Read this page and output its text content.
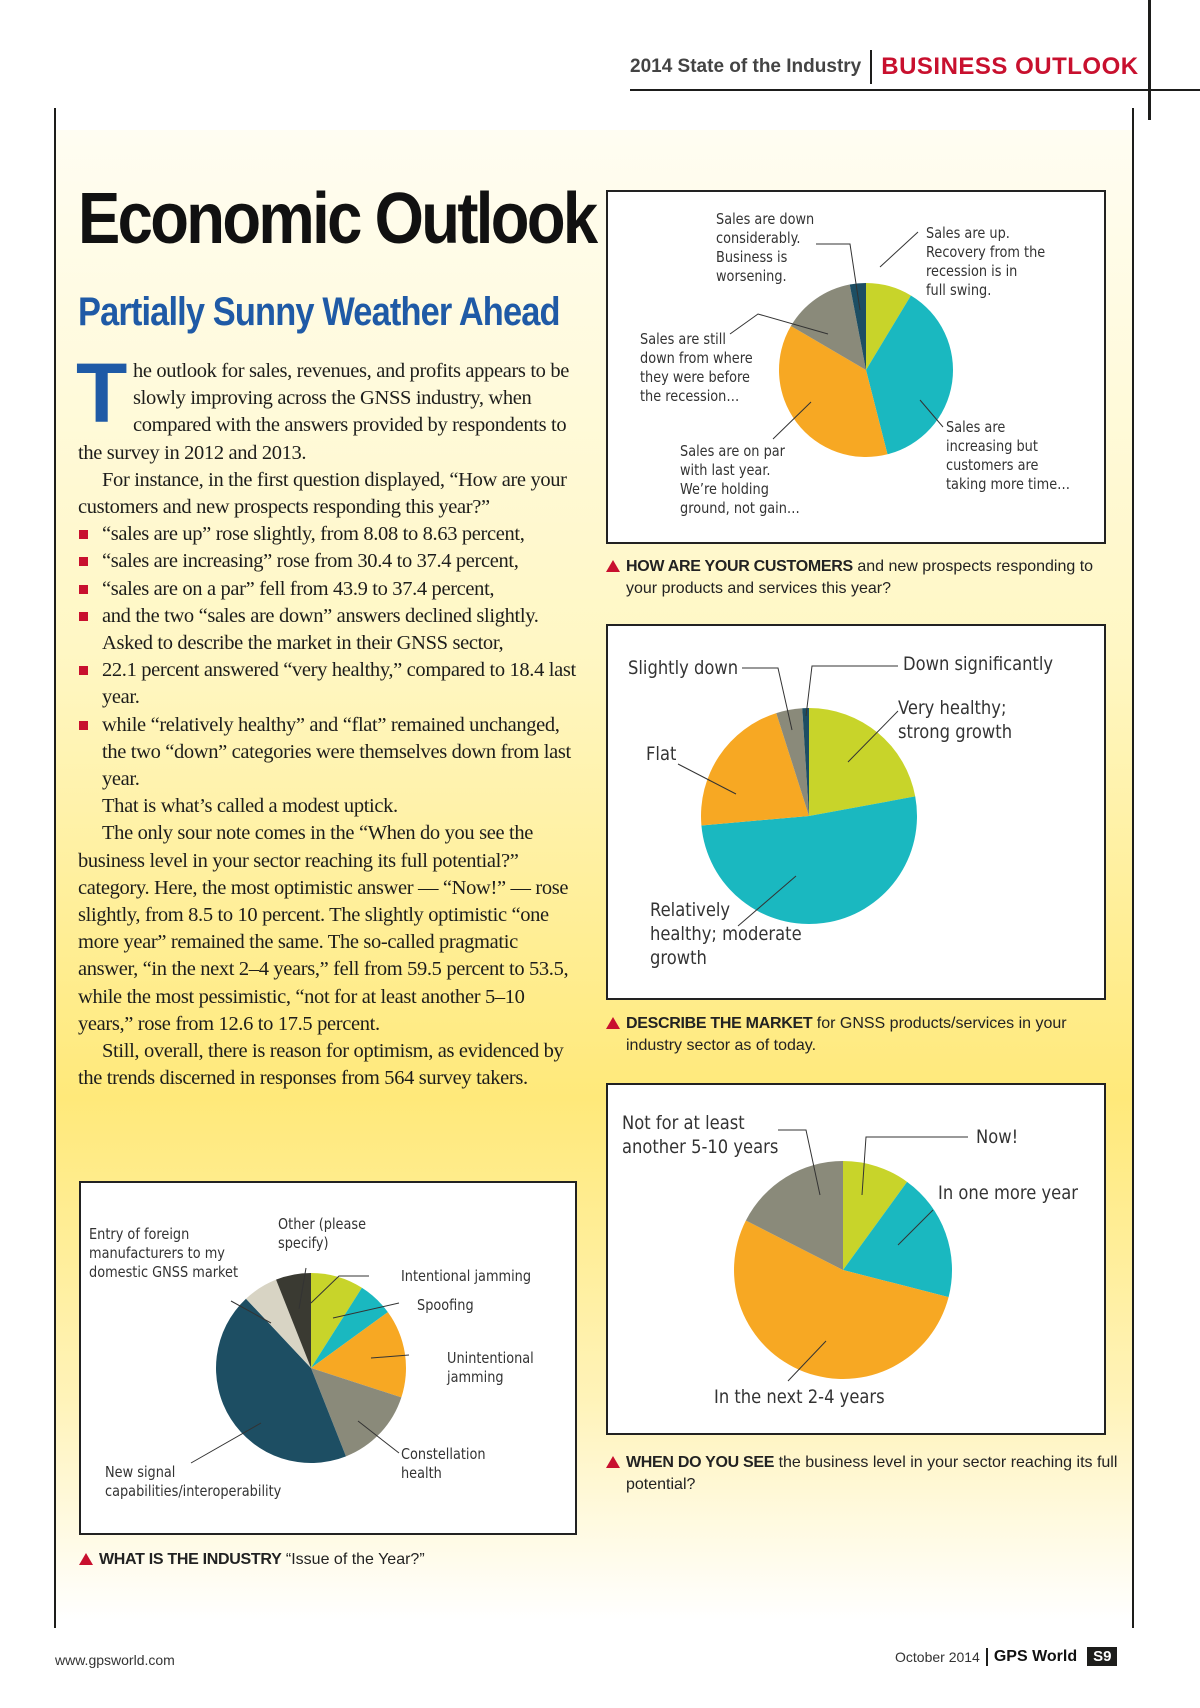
2014 State of the Industry BUSINESS OUTLOOK
Economic Outlook
Partially Sunny Weather Ahead

The outlook for sales, revenues, and profits appears to be slowly improving across the GNSS industry, when compared with the answers provided by respondents to the survey in 2012 and 2013.

For instance, in the first question displayed, “How are your customers and new prospects responding this year?”

“sales are up” rose slightly, from 8.08 to 8.63 percent,

“sales are increasing” rose from 30.4 to 37.4 percent,

“sales are on a par” fell from 43.9 to 37.4 percent,

and the two “sales are down” answers declined slightly.

Asked to describe the market in their GNSS sector,

22.1 percent answered “very healthy,” compared to 18.4 last year.

while “relatively healthy” and “flat” remained unchanged, the two “down” categories were themselves down from last year.

That is what’s called a modest uptick.

The only sour note comes in the “When do you see the business level in your sector reaching its full potential?” category. Here, the most optimistic answer — “Now!” — rose slightly, from 8.5 to 10 percent. The slightly optimistic “one more year” remained the same. The so-called pragmatic answer, “in the next 2–4 years,” fell from 59.5 percent to 53.5, while the most pessimistic, “not for at least another 5–10 years,” rose from 12.6 to 17.5 percent.

Still, overall, there is reason for optimism, as evidenced by the trends discerned in responses from 564 survey takers.

Sales are down
considerably.
Business is
worsening.
Sales are up.
Recovery from the
recession is in
full swing.
Sales are still
down from where
they were before
the recession…
Sales are
increasing but
customers are
taking more time…
Sales are on par
with last year.
We’re holding
ground, not gain…
HOW ARE YOUR CUSTOMERS and new prospects responding to your products and services this year?
Slightly down	Down significantly
Very healthy;
strong growth
Flat
Relatively
healthy; moderate
growth
DESCRIBE THE MARKET for GNSS products/services in your industry sector as of today.
Not for at least
another 5-10 years	Now!
In one more year
In the next 2-4 years
WHEN DO YOU SEE the business level in your sector reaching its full potential?
Entry of foreign
manufacturers to my
domestic GNSS market
Other (please
specify)
Intentional jamming
Spoofing
Unintentional
jamming
Constellation
health
New signal
capabilities/interoperability
WHAT IS THE INDUSTRY “Issue of the Year?”
www.gpsworld.com	October 2014 GPS World S9
